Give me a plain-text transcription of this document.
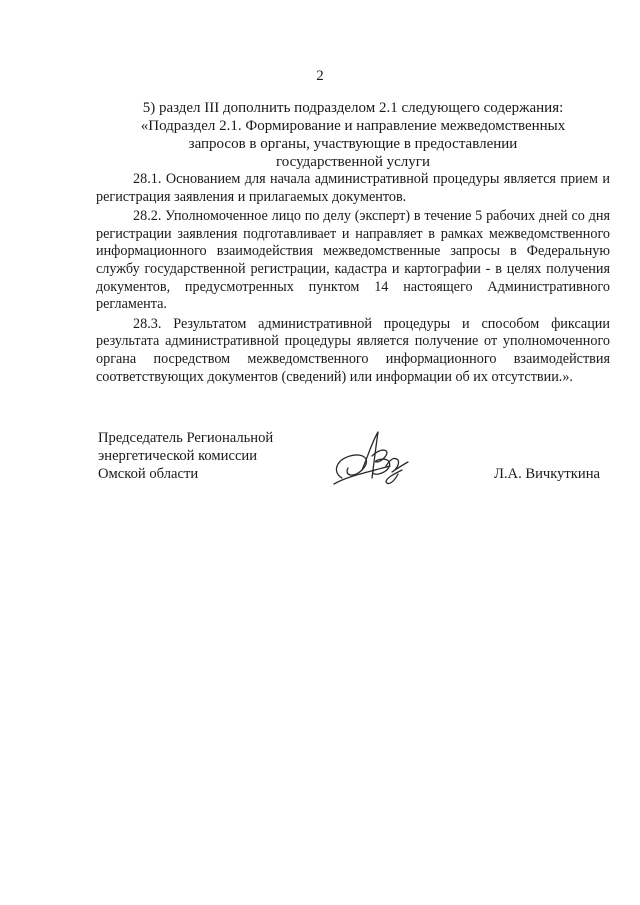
2
5) раздел III дополнить подразделом 2.1 следующего содержания:
«Подраздел 2.1. Формирование и направление межведомственных
запросов в органы, участвующие в предоставлении
государственной услуги

28.1. Основанием для начала административной процедуры является прием и регистрация заявления и прилагаемых документов.

28.2. Уполномоченное лицо по делу (эксперт) в течение 5 рабочих дней со дня регистрации заявления подготавливает и направляет в рамках межведомственного информационного взаимодействия межведомственные запросы в Федеральную службу государственной регистрации, кадастра и картографии - в целях получения документов, предусмотренных пунктом 14 настоящего Административного регламента.

28.3. Результатом административной процедуры и способом фиксации результата административной процедуры является получение от уполномоченного органа посредством межведомственного информационного взаимодействия соответствующих документов (сведений) или информации об их отсутствии.».

Председатель Региональной
энергетической комиссии
Омской области	Л.А. Вичкуткина
